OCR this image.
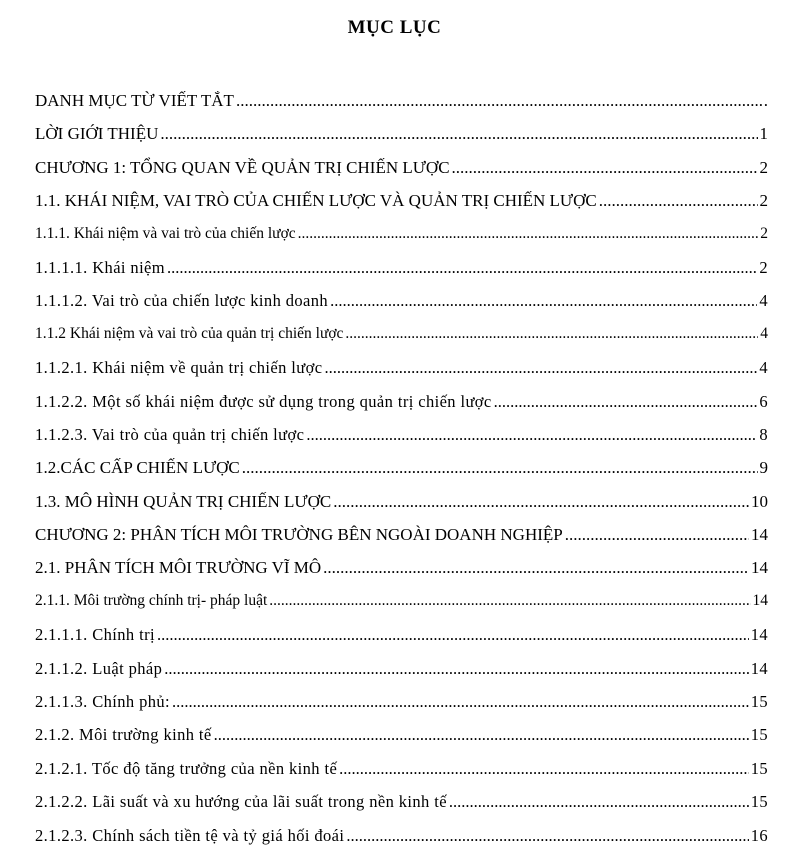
MỤC LỤC
DANH MỤC TỪ VIẾT TẮT .....	.
LỜI GIỚI THIỆU .....	1
CHƯƠNG 1: TỔNG QUAN VỀ QUẢN TRỊ CHIẾN LƯỢC .....	2
1.1. KHÁI NIỆM, VAI TRÒ CỦA CHIẾN LƯỢC VÀ QUẢN TRỊ CHIẾN LƯỢC .....	2
1.1.1. Khái niệm và vai trò của chiến lược .....	2
1.1.1.1. Khái niệm .....	2
1.1.1.2. Vai trò của chiến lược kinh doanh .....	4
1.1.2 Khái niệm và vai trò của quản trị chiến lược .....	4
1.1.2.1. Khái niệm về quản trị chiến lược .....	4
1.1.2.2. Một số khái niệm được sử dụng trong quản trị chiến lược .....	6
1.1.2.3. Vai trò của quản trị chiến lược .....	8
1.2.CÁC CẤP CHIẾN LƯỢC .....	9
1.3. MÔ HÌNH QUẢN TRỊ CHIẾN LƯỢC .....	10
CHƯƠNG 2: PHÂN TÍCH MÔI TRƯỜNG BÊN NGOÀI DOANH NGHIỆP .....	14
2.1. PHÂN TÍCH MÔI TRƯỜNG VĨ MÔ .....	14
2.1.1. Môi trường chính trị- pháp luật .....	14
2.1.1.1. Chính trị .....	14
2.1.1.2. Luật pháp .....	14
2.1.1.3. Chính phủ: .....	15
2.1.2. Môi trường kinh tế .....	15
2.1.2.1. Tốc độ tăng trưởng của nền kinh tế .....	15
2.1.2.2. Lãi suất và xu hướng của lãi suất trong nền kinh tế .....	15
2.1.2.3. Chính sách tiền tệ và tỷ giá hối đoái .....	16
